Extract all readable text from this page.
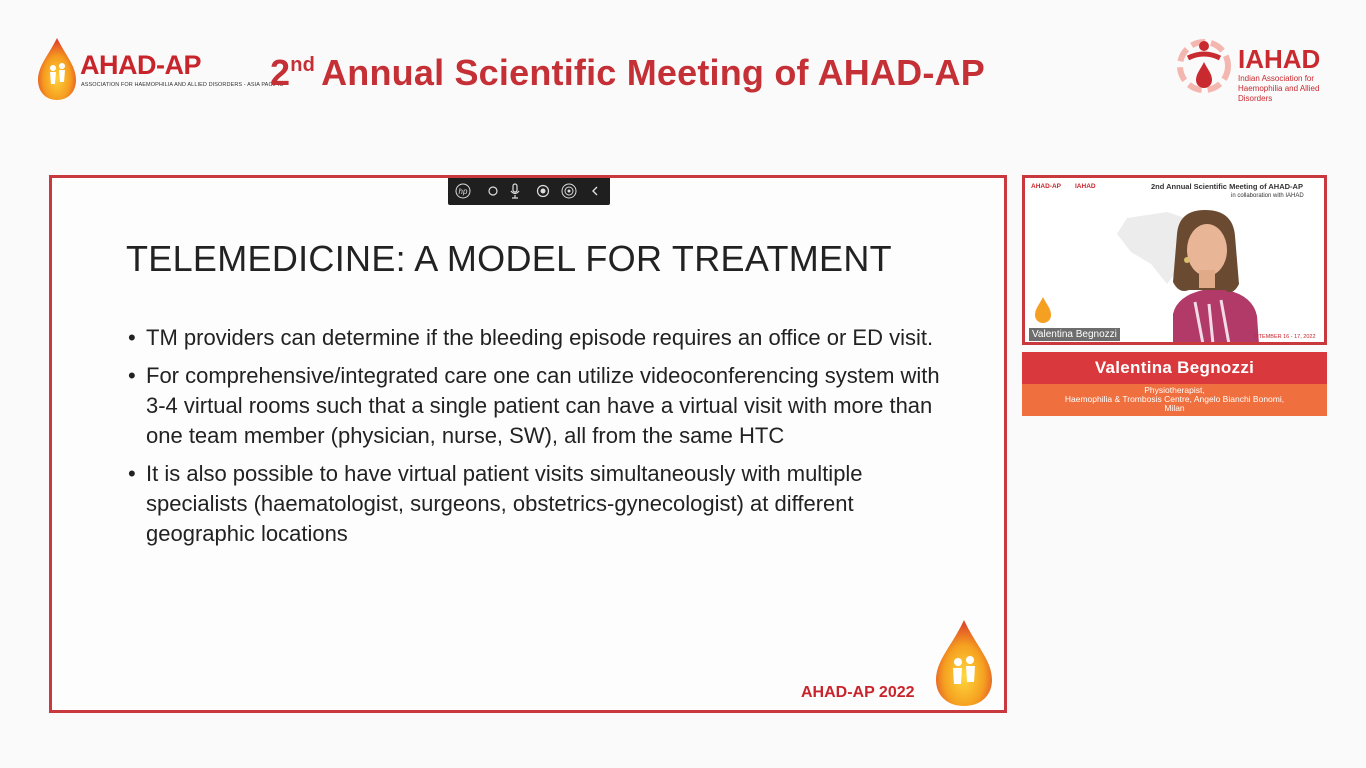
AHAD-AP
ASSOCIATION FOR HAEMOPHILIA AND ALLIED DISORDERS - ASIA PACIFIC
2nd Annual Scientific Meeting of AHAD-AP	IAHAD
Indian Association for Haemophilia and Allied Disorders
hp
TELEMEDICINE: A MODEL FOR TREATMENT
• TM providers can determine if the bleeding episode requires an office or ED visit.
• For comprehensive/integrated care one can utilize videoconferencing system with 3-4 virtual rooms such that a single patient can have a virtual visit with more than one team member (physician, nurse, SW), all from the same HTC
• It is also possible to have virtual patient visits simultaneously with multiple specialists (haematologist, surgeons, obstetrics-gynecologist) at different geographic locations
AHAD-AP 2022
AHAD-AP IAHAD	2nd Annual Scientific Meeting of AHAD-AP
in collaboration with IAHAD
Valentina Begnozzi	PTEMBER 16 - 17, 2022
Valentina Begnozzi
Physiotherapist,
Haemophilia & Trombosis Centre, Angelo Bianchi Bonomi,
Milan
